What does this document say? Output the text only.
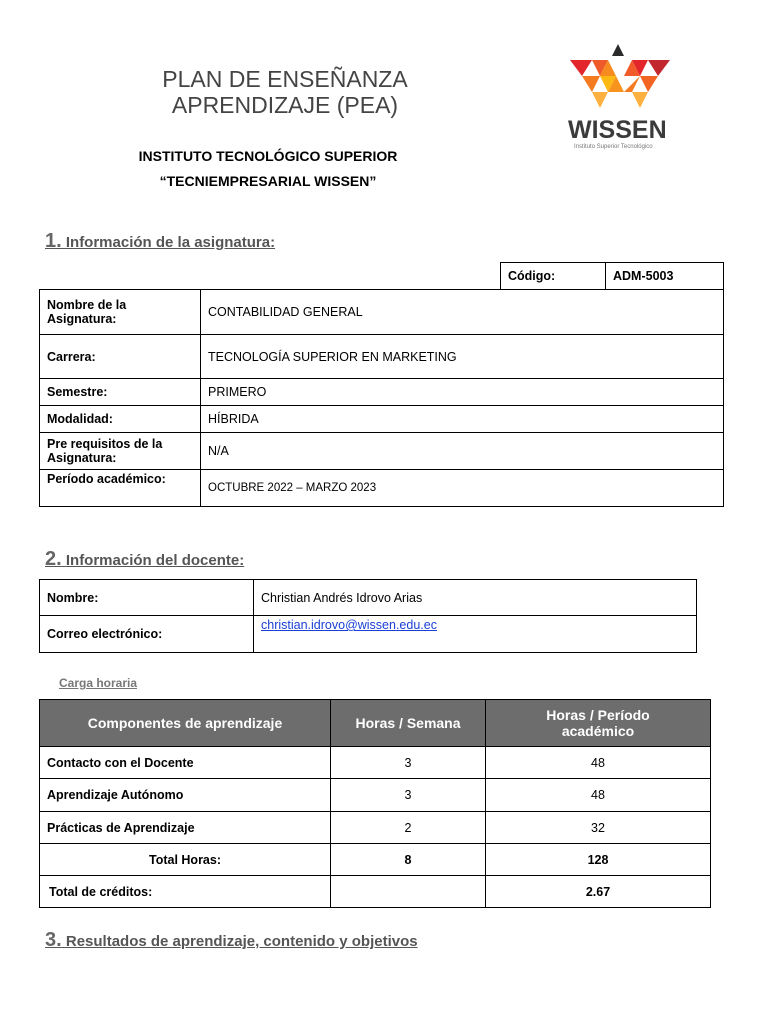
PLAN DE ENSEÑANZA
APRENDIZAJE (PEA)
INSTITUTO TECNOLÓGICO SUPERIOR
“TECNIEMPRESARIAL WISSEN”
WISSEN
Instituto Superior Tecnológico
1. Información de la asignatura:
Código:	ADM-5003
Nombre de la Asignatura:	CONTABILIDAD GENERAL
Carrera:	TECNOLOGÍA SUPERIOR EN MARKETING
Semestre:	PRIMERO
Modalidad:	HÍBRIDA
Pre requisitos de la Asignatura:	N/A
Período académico:	OCTUBRE 2022 – MARZO 2023
2. Información del docente:
Nombre:	Christian Andrés Idrovo Arias
Correo electrónico:	christian.idrovo@wissen.edu.ec
Carga horaria
Componentes de aprendizaje	Horas / Semana	Horas / Período académico
Contacto con el Docente	3	48
Aprendizaje Autónomo	3	48
Prácticas de Aprendizaje	2	32
Total Horas:	8	128
Total de créditos:		2.67
3. Resultados de aprendizaje, contenido y objetivos
